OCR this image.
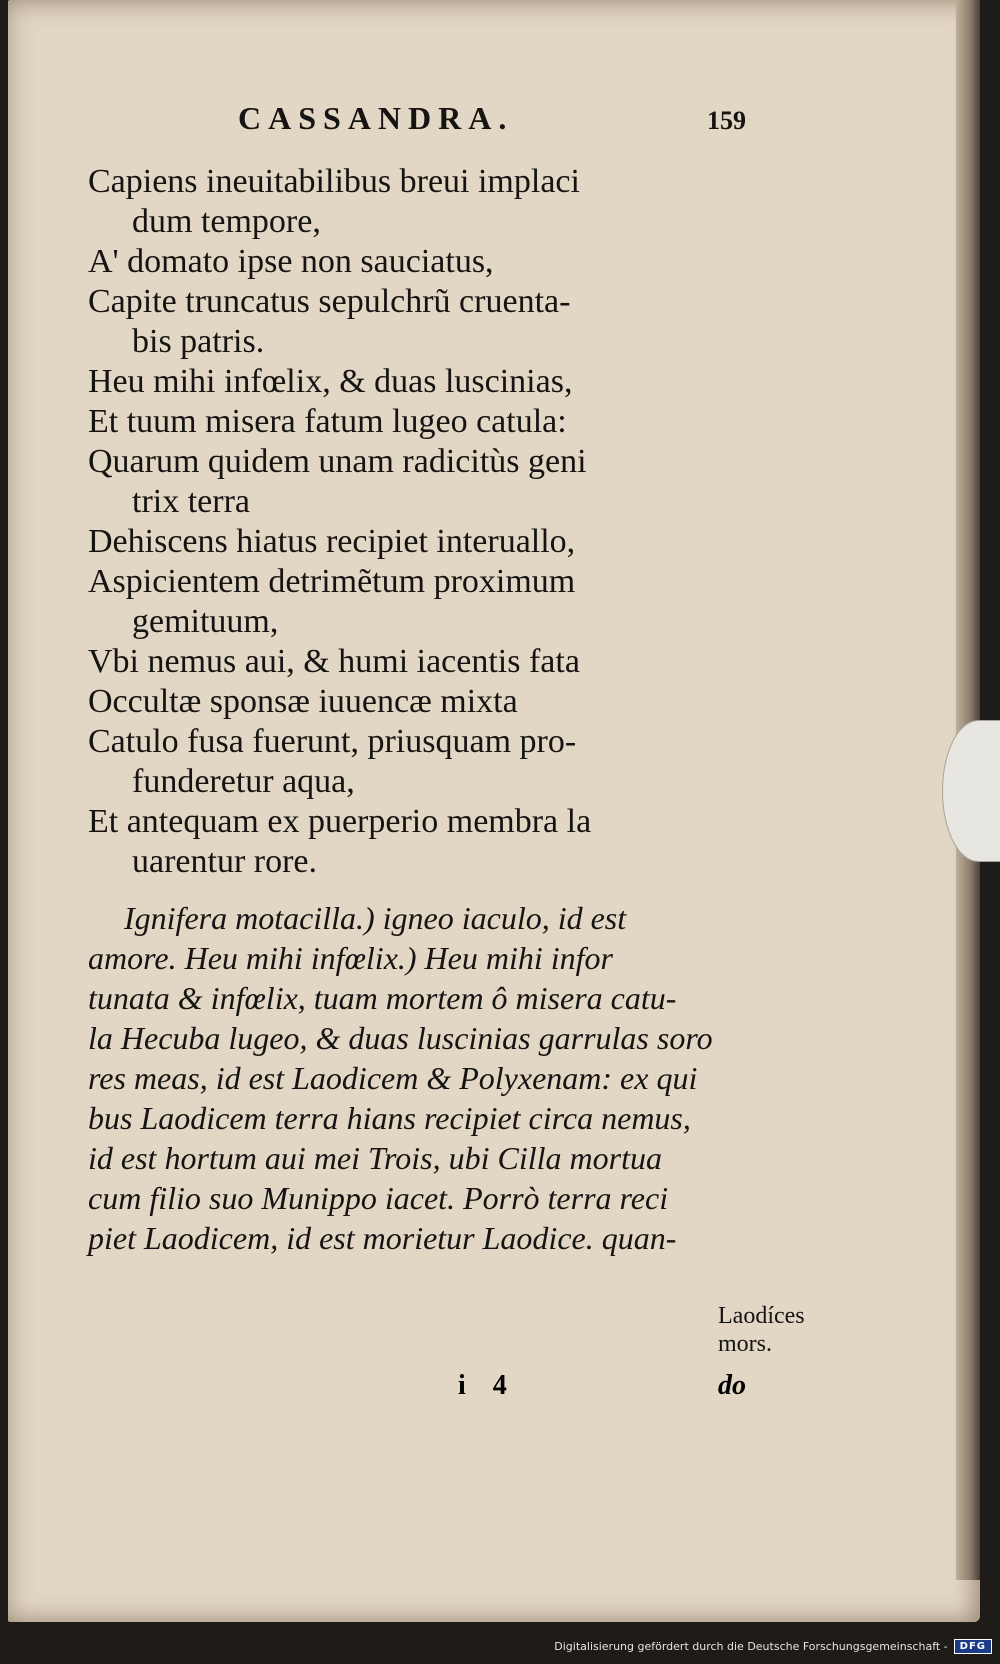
CASSANDRA.	159
Capiens ineuitabilibus breui implaci
dum tempore,
A' domato ipse non sauciatus,
Capite truncatus sepulchrũ cruenta-
bis patris.
Heu mihi infœlix, & duas luscinias,
Et tuum misera fatum lugeo catula:
Quarum quidem unam radicitùs geni
trix terra
Dehiscens hiatus recipiet interuallo,
Aspicientem detrimẽtum proximum
gemituum,
Vbi nemus aui, & humi iacentis fata
Occultæ sponsæ iuuencæ mixta
Catulo fusa fuerunt, priusquam pro-
funderetur aqua,
Et antequam ex puerperio membra la
uarentur rore.
Ignifera motacilla.) igneo iaculo, id est
amore. Heu mihi infœlix.) Heu mihi infor
tunata & infœlix, tuam mortem ô misera catu-
la Hecuba lugeo, & duas luscinias garrulas soro
res meas, id est Laodicem & Polyxenam: ex qui
bus Laodicem terra hians recipiet circa nemus,
id est hortum aui mei Trois, ubi Cilla mortua
cum filio suo Munippo iacet. Porrò terra reci
piet Laodicem, id est morietur Laodice. quan-
Laodíces
mors.
i 4	do
Digitalisierung gefördert durch die Deutsche Forschungsgemeinschaft -	DFG
